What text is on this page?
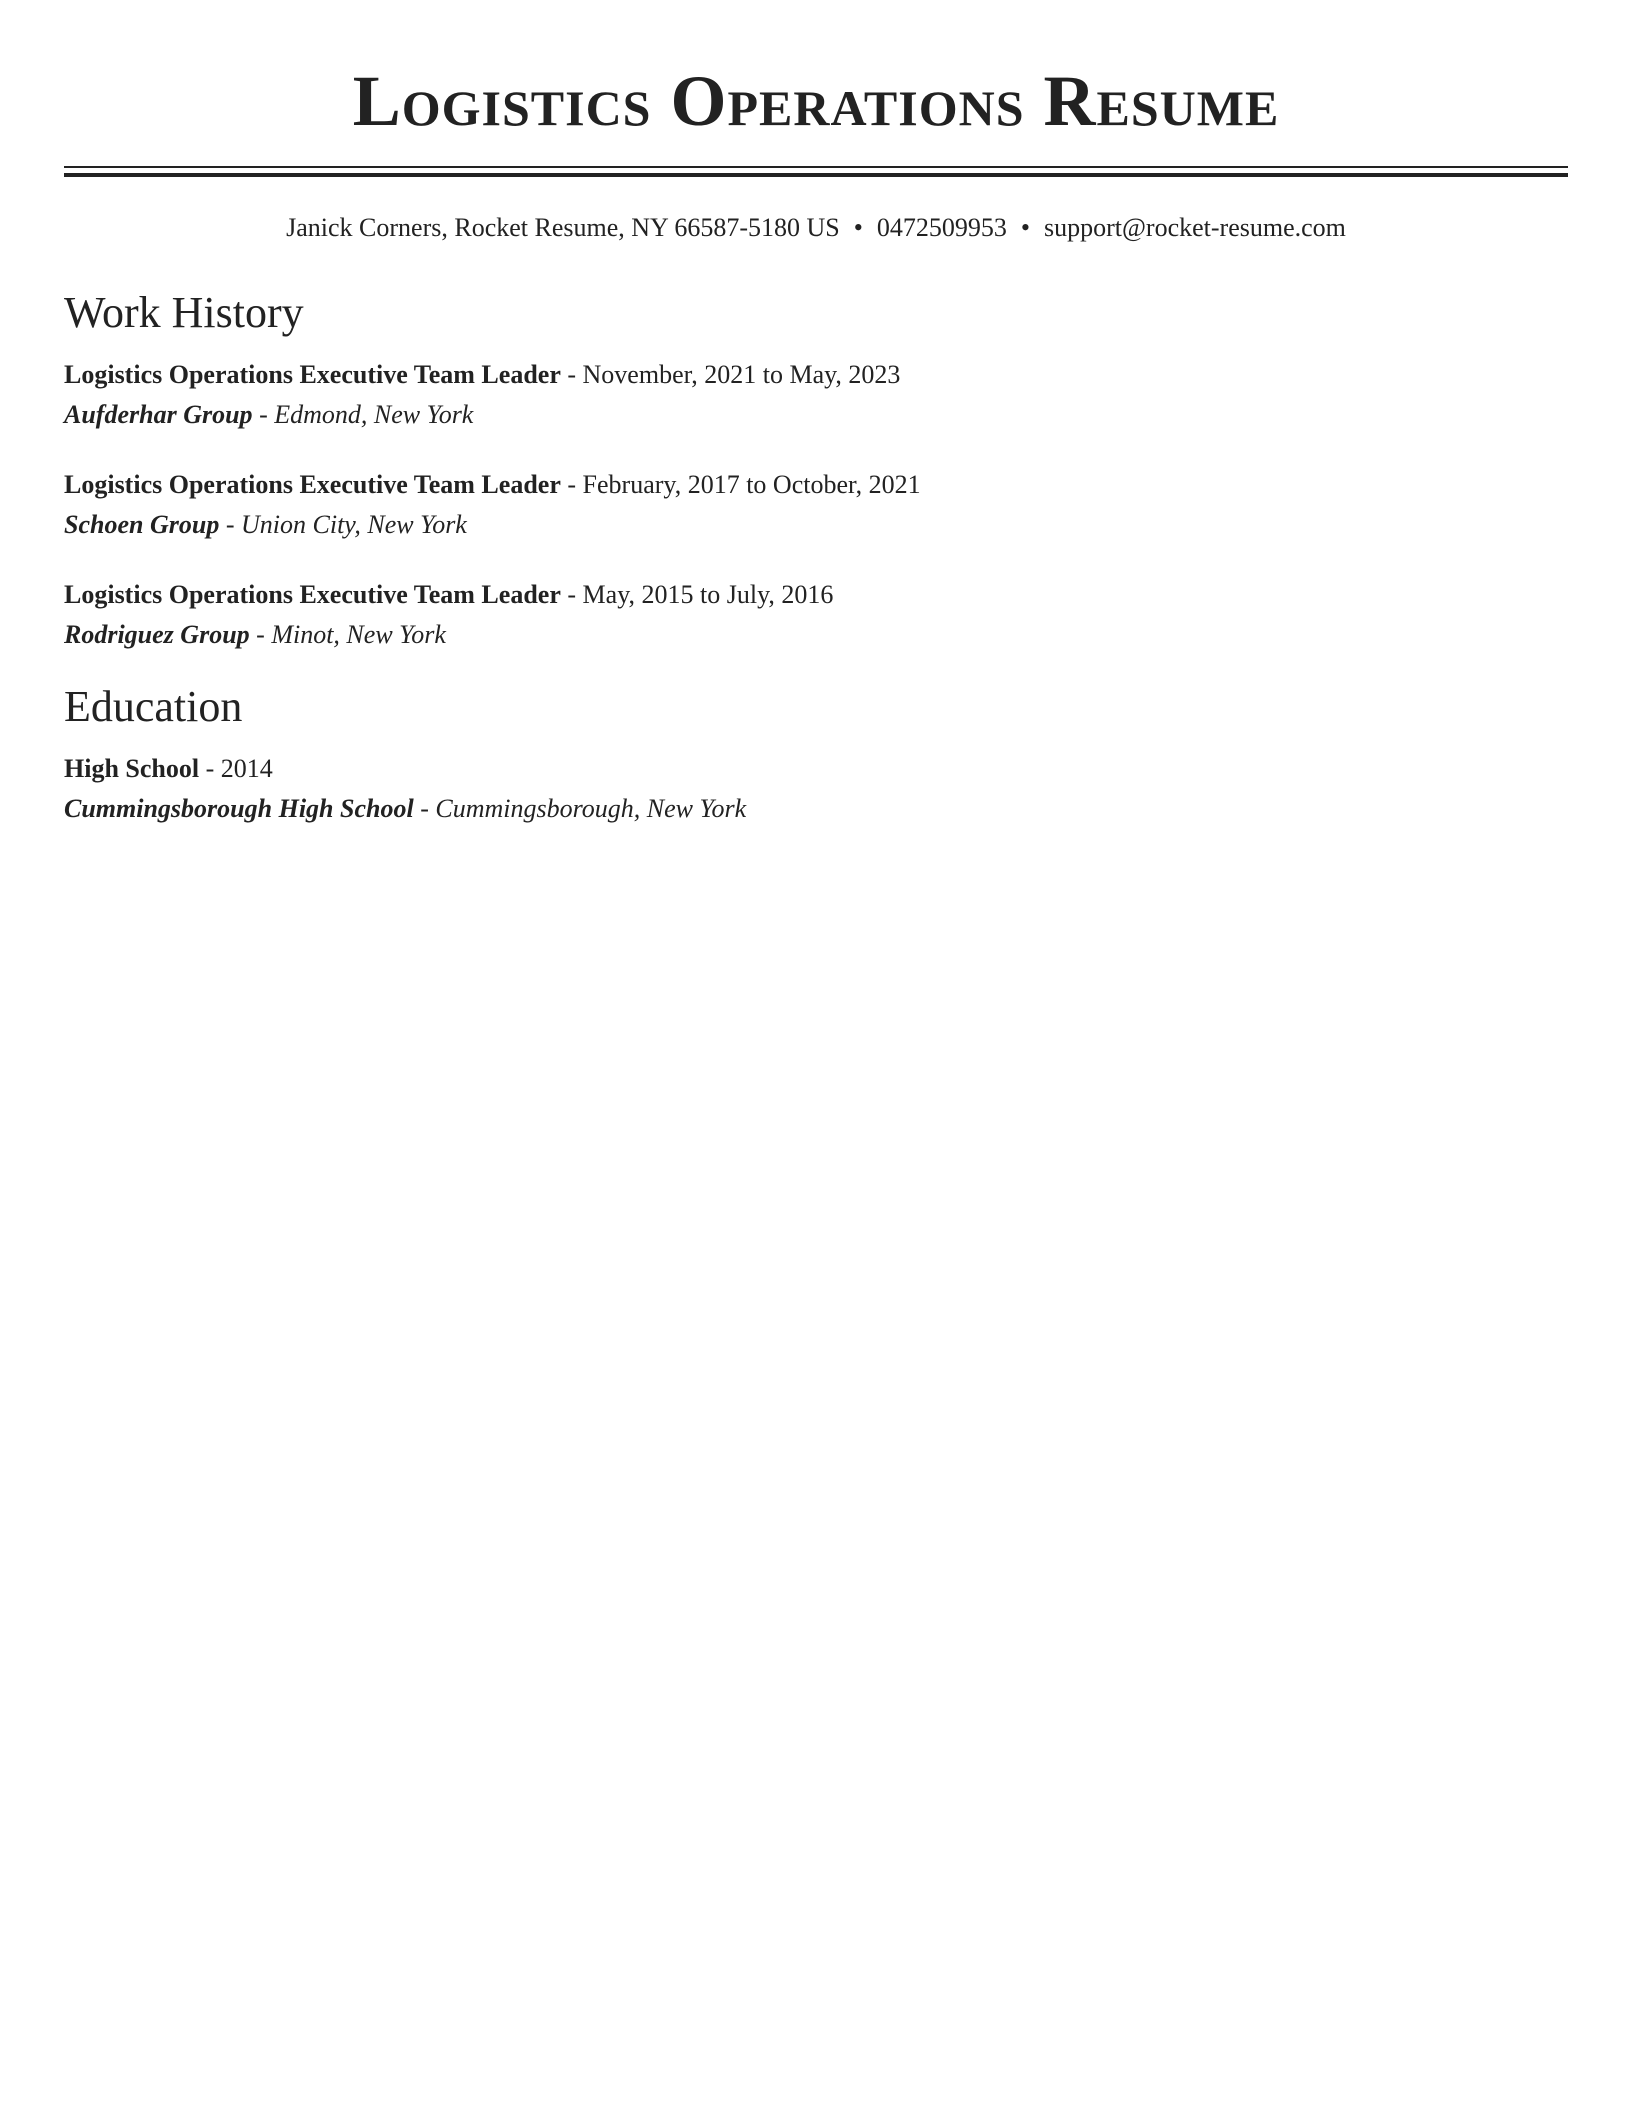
Logistics Operations Resume
Janick Corners, Rocket Resume, NY 66587-5180 US • 0472509953 • support@rocket-resume.com
Work History
Logistics Operations Executive Team Leader - November, 2021 to May, 2023
Aufderhar Group - Edmond, New York
Logistics Operations Executive Team Leader - February, 2017 to October, 2021
Schoen Group - Union City, New York
Logistics Operations Executive Team Leader - May, 2015 to July, 2016
Rodriguez Group - Minot, New York
Education
High School - 2014
Cummingsborough High School - Cummingsborough, New York
